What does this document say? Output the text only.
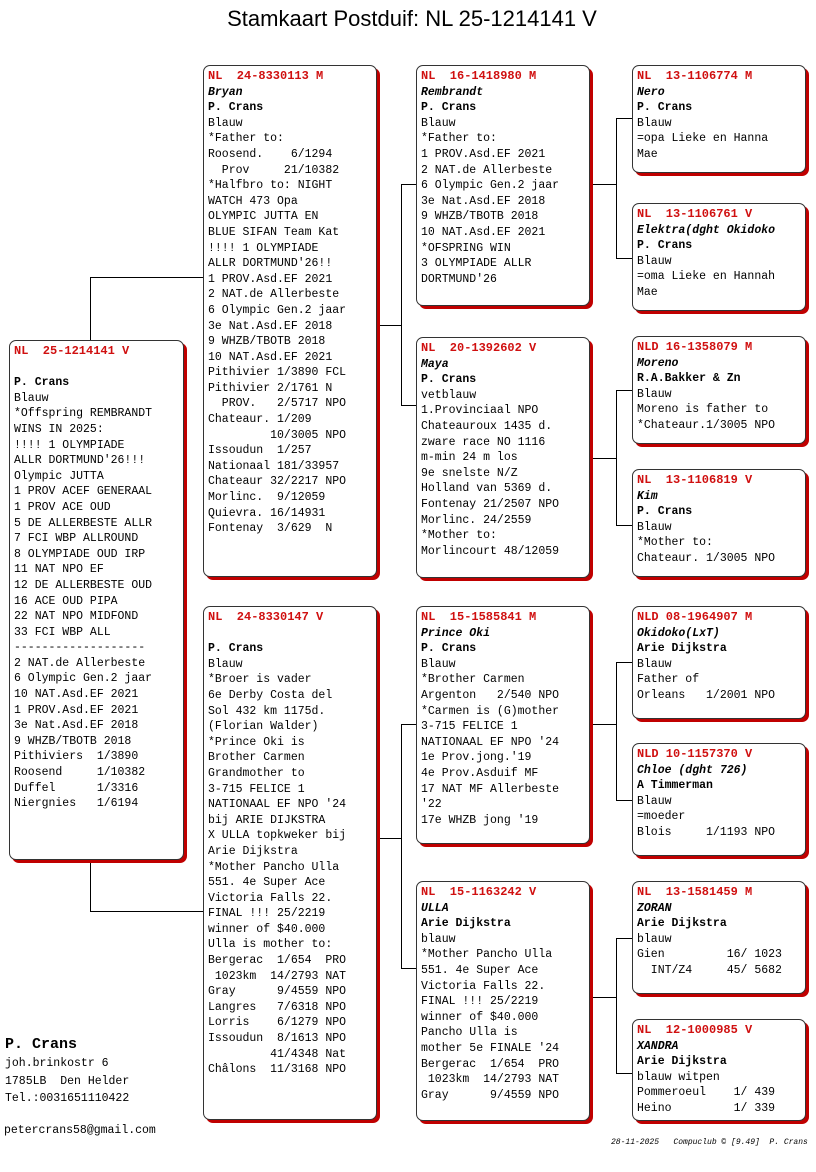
Stamkaart Postduif: NL 25-1214141 V
NL  25-1214141 V
P. Crans
Blauw
*Offspring REMBRANDT
WINS IN 2025:
!!!! 1 OLYMPIADE
ALLR DORTMUND'26!!!
Olympic JUTTA
1 PROV ACEF GENERAAL
1 PROV ACE OUD
5 DE ALLERBESTE ALLR
7 FCI WBP ALLROUND
8 OLYMPIADE OUD IRP
11 NAT NPO EF
12 DE ALLERBESTE OUD
16 ACE OUD PIPA
22 NAT NPO MIDFOND
33 FCI WBP ALL
-------------------
2 NAT.de Allerbeste
6 Olympic Gen.2 jaar
10 NAT.Asd.EF 2021
1 PROV.Asd.EF 2021
3e Nat.Asd.EF 2018
9 WHZB/TBOTB 2018
Pithiviers  1/3890
Roosend     1/10382
Duffel      1/3316
Niergnies   1/6194
NL  24-8330113 M
Bryan
P. Crans
Blauw
*Father to:
Roosend.    6/1294
Prov     21/10382
*Halfbro to: NIGHT
WATCH 473 Opa
OLYMPIC JUTTA EN
BLUE SIFAN Team Kat
!!!! 1 OLYMPIADE
ALLR DORTMUND'26!!
1 PROV.Asd.EF 2021
2 NAT.de Allerbeste
6 Olympic Gen.2 jaar
3e Nat.Asd.EF 2018
9 WHZB/TBOTB 2018
10 NAT.Asd.EF 2021
Pithivier 1/3890 FCL
Pithivier 2/1761 N
PROV.   2/5717 NPO
Chateaur. 1/209
10/3005 NPO
Issoudun  1/257
Nationaal 181/33957
Chateaur 32/2217 NPO
Morlinc.  9/12059
Quievra. 16/14931
Fontenay  3/629  N
NL  24-8330147 V
P. Crans
Blauw
*Broer is vader
6e Derby Costa del
Sol 432 km 1175d.
(Florian Walder)
*Prince Oki is
Brother Carmen
Grandmother to
3-715 FELICE 1
NATIONAAL EF NPO '24
bij ARIE DIJKSTRA
X ULLA topkweker bij
Arie Dijkstra
*Mother Pancho Ulla
551. 4e Super Ace
Victoria Falls 22.
FINAL !!! 25/2219
winner of $40.000
Ulla is mother to:
Bergerac  1/654  PRO
1023km  14/2793 NAT
Gray      9/4559 NPO
Langres   7/6318 NPO
Lorris    6/1279 NPO
Issoudun  8/1613 NPO
41/4348 Nat
Châlons  11/3168 NPO
NL  16-1418980 M
Rembrandt
P. Crans
Blauw
*Father to:
1 PROV.Asd.EF 2021
2 NAT.de Allerbeste
6 Olympic Gen.2 jaar
3e Nat.Asd.EF 2018
9 WHZB/TBOTB 2018
10 NAT.Asd.EF 2021
*OFSPRING WIN
3 OLYMPIADE ALLR
DORTMUND'26
NL  20-1392602 V
Maya
P. Crans
vetblauw
1.Provinciaal NPO
Chateauroux 1435 d.
zware race NO 1116
m-min 24 m los
9e snelste N/Z
Holland van 5369 d.
Fontenay 21/2507 NPO
Morlinc. 24/2559
*Mother to:
Morlincourt 48/12059
NL  15-1585841 M
Prince Oki
P. Crans
Blauw
*Brother Carmen
Argenton   2/540 NPO
*Carmen is (G)mother
3-715 FELICE 1
NATIONAAL EF NPO '24
1e Prov.jong.'19
4e Prov.Asduif MF
17 NAT MF Allerbeste
'22
17e WHZB jong '19
NL  15-1163242 V
ULLA
Arie Dijkstra
blauw
*Mother Pancho Ulla
551. 4e Super Ace
Victoria Falls 22.
FINAL !!! 25/2219
winner of $40.000
Pancho Ulla is
mother 5e FINALE '24
Bergerac  1/654  PRO
1023km  14/2793 NAT
Gray      9/4559 NPO
NL  13-1106774 M
Nero
P. Crans
Blauw
=opa Lieke en Hanna
Mae
NL  13-1106761 V
Elektra(dght Okidoko
P. Crans
Blauw
=oma Lieke en Hannah
Mae
NLD 16-1358079 M
Moreno
R.A.Bakker & Zn
Blauw
Moreno is father to
*Chateaur.1/3005 NPO
NL  13-1106819 V
Kim
P. Crans
Blauw
*Mother to:
Chateaur. 1/3005 NPO
NLD 08-1964907 M
Okidoko(LxT)
Arie Dijkstra
Blauw
Father of
Orleans   1/2001 NPO
NLD 10-1157370 V
Chloe (dght 726)
A Timmerman
Blauw
=moeder
Blois     1/1193 NPO
NL  13-1581459 M
ZORAN
Arie Dijkstra
blauw
Gien         16/ 1023
INT/Z4     45/ 5682
NL  12-1000985 V
XANDRA
Arie Dijkstra
blauw witpen
Pommeroeul    1/ 439
Heino         1/ 339
P. Crans
joh.brinkostr 6
1785LB  Den Helder
Tel.:0031651110422
petercrans58@gmail.com
28-11-2025   Compuclub © [9.49]  P. Crans
